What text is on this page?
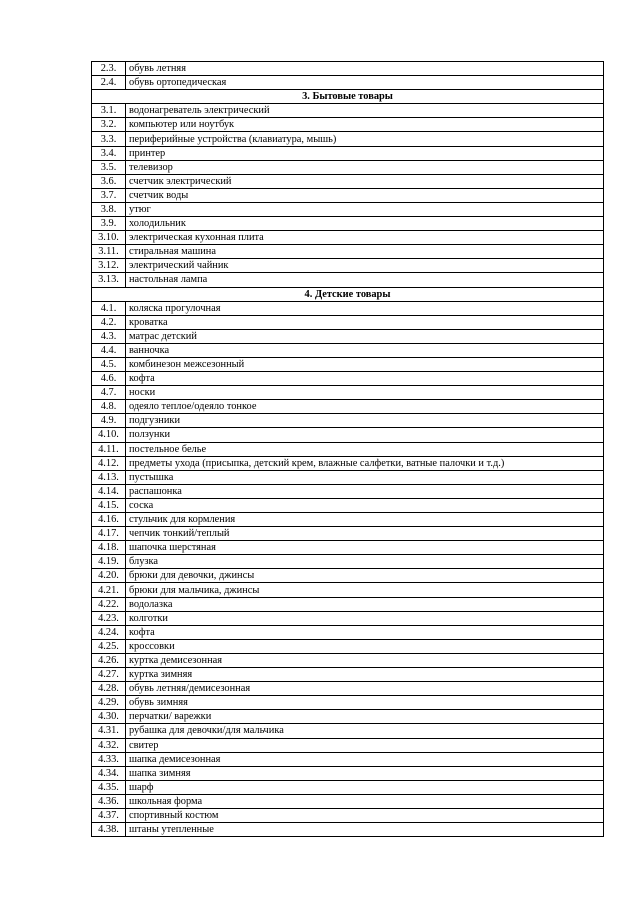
2.3.	обувь летняя
2.4.	обувь ортопедическая
3. Бытовые товары	
3.1.	водонагреватель электрический
3.2.	компьютер или ноутбук
3.3.	периферийные устройства (клавиатура, мышь)
3.4.	принтер
3.5.	телевизор
3.6.	счетчик электрический
3.7.	счетчик воды
3.8.	утюг
3.9.	холодильник
3.10.	электрическая кухонная плита
3.11.	стиральная машина
3.12.	электрический чайник
3.13.	настольная лампа
4. Детские товары	
4.1.	коляска прогулочная
4.2.	кроватка
4.3.	матрас детский
4.4.	ванночка
4.5.	комбинезон межсезонный
4.6.	кофта
4.7.	носки
4.8.	одеяло теплое/одеяло тонкое
4.9.	подгузники
4.10.	ползунки
4.11.	постельное белье
4.12.	предметы ухода (присыпка, детский крем, влажные салфетки, ватные палочки и т.д.)
4.13.	пустышка
4.14.	распашонка
4.15.	соска
4.16.	стульчик для кормления
4.17.	чепчик тонкий/теплый
4.18.	шапочка шерстяная
4.19.	блузка
4.20.	брюки для девочки, джинсы
4.21.	брюки для мальчика, джинсы
4.22.	водолазка
4.23.	колготки
4.24.	кофта
4.25.	кроссовки
4.26.	куртка демисезонная
4.27.	куртка зимняя
4.28.	обувь летняя/демисезонная
4.29.	обувь зимняя
4.30.	перчатки/ варежки
4.31.	рубашка для девочки/для мальчика
4.32.	свитер
4.33.	шапка демисезонная
4.34.	шапка зимняя
4.35.	шарф
4.36.	школьная форма
4.37.	спортивный костюм
4.38.	штаны утепленные
